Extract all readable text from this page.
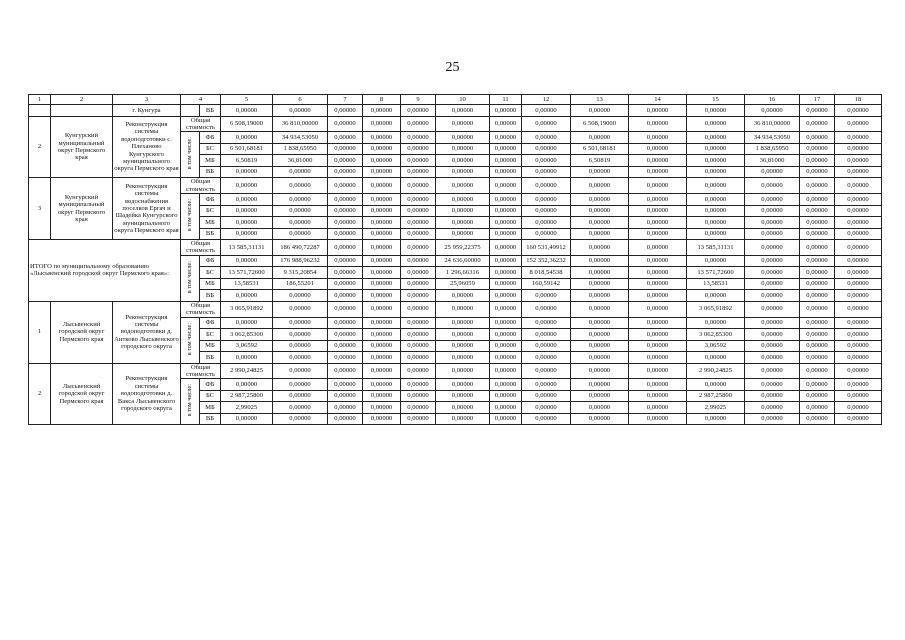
25
1	2	3	4		5	6	7	8	9	10	11	12	13	14	15	16	17	18
		г. Кунгура		ВБ	0,00000	0,00000	0,00000	0,00000	0,00000	0,00000	0,00000	0,00000	0,00000	0,00000	0,00000	0,00000	0,00000	0,00000
2	Кунгурский муниципальный округ Пермского края	Реконструкция системы водоподготовки с. Плеханово Кунгурского муниципального округа Пермского края	Общая стоимость		6 508,19000	36 810,00000	0,00000	0,00000	0,00000	0,00000	0,00000	0,00000	6 508,19000	0,00000	0,00000	36 810,00000	0,00000	0,00000
			в том числе:	ФБ	0,00000	34 934,53050	0,00000	0,00000	0,00000	0,00000	0,00000	0,00000	0,00000	0,00000	0,00000	34 934,53050	0,00000	0,00000
				БС	6 501,68181	1 838,65950	0,00000	0,00000	0,00000	0,00000	0,00000	0,00000	6 501,68181	0,00000	0,00000	1 838,65950	0,00000	0,00000
				МБ	6,50819	36,81000	0,00000	0,00000	0,00000	0,00000	0,00000	0,00000	6,50819	0,00000	0,00000	36,81000	0,00000	0,00000
				ВБ	0,00000	0,00000	0,00000	0,00000	0,00000	0,00000	0,00000	0,00000	0,00000	0,00000	0,00000	0,00000	0,00000	0,00000
3	Кунгурский муниципальный округ Пермского края	Реконструкция системы водоснабжения поселков Ергач и Шадейка Кунгурского муниципального округа Пермского края	Общая стоимость		0,00000	0,00000	0,00000	0,00000	0,00000	0,00000	0,00000	0,00000	0,00000	0,00000	0,00000	0,00000	0,00000	0,00000
			в том числе:	ФБ	0,00000	0,00000	0,00000	0,00000	0,00000	0,00000	0,00000	0,00000	0,00000	0,00000	0,00000	0,00000	0,00000	0,00000
				БС	0,00000	0,00000	0,00000	0,00000	0,00000	0,00000	0,00000	0,00000	0,00000	0,00000	0,00000	0,00000	0,00000	0,00000
				МБ	0,00000	0,00000	0,00000	0,00000	0,00000	0,00000	0,00000	0,00000	0,00000	0,00000	0,00000	0,00000	0,00000	0,00000
				ВБ	0,00000	0,00000	0,00000	0,00000	0,00000	0,00000	0,00000	0,00000	0,00000	0,00000	0,00000	0,00000	0,00000	0,00000
ИТОГО по муниципальному образованию «Лысьвенский городской округ Пермского края»:			Общая стоимость		13 585,31131	186 490,72287	0,00000	0,00000	0,00000	25 959,22375	0,00000	160 531,49912	0,00000	0,00000	13 585,31131	0,00000	0,00000	0,00000
			в том числе:	ФБ	0,00000	176 988,96232	0,00000	0,00000	0,00000	24 636,60000	0,00000	152 352,36232	0,00000	0,00000	0,00000	0,00000	0,00000	0,00000
				БС	13 571,72600	9 315,20854	0,00000	0,00000	0,00000	1 296,66316	0,00000	8 018,54538	0,00000	0,00000	13 571,72600	0,00000	0,00000	0,00000
				МБ	13,58531	186,55201	0,00000	0,00000	0,00000	25,96059	0,00000	160,59142	0,00000	0,00000	13,58531	0,00000	0,00000	0,00000
				ВБ	0,00000	0,00000	0,00000	0,00000	0,00000	0,00000	0,00000	0,00000	0,00000	0,00000	0,00000	0,00000	0,00000	0,00000
1	Лысьвенский городской округ Пермского края	Реконструкция системы водоподготовки д. Аитково Лысьвенского городского округа	Общая стоимость		3 065,91892	0,00000	0,00000	0,00000	0,00000	0,00000	0,00000	0,00000	0,00000	0,00000	3 065,91892	0,00000	0,00000	0,00000
			в том числе:	ФБ	0,00000	0,00000	0,00000	0,00000	0,00000	0,00000	0,00000	0,00000	0,00000	0,00000	0,00000	0,00000	0,00000	0,00000
				БС	3 062,85300	0,00000	0,00000	0,00000	0,00000	0,00000	0,00000	0,00000	0,00000	0,00000	3 062,85300	0,00000	0,00000	0,00000
				МБ	3,06592	0,00000	0,00000	0,00000	0,00000	0,00000	0,00000	0,00000	0,00000	0,00000	3,06592	0,00000	0,00000	0,00000
				ВБ	0,00000	0,00000	0,00000	0,00000	0,00000	0,00000	0,00000	0,00000	0,00000	0,00000	0,00000	0,00000	0,00000	0,00000
2	Лысьвенский городской округ Пермского края	Реконструкция системы водоподготовки д. Вакса Лысьвенского городского округа	Общая стоимость		2 990,24825	0,00000	0,00000	0,00000	0,00000	0,00000	0,00000	0,00000	0,00000	0,00000	2 990,24825	0,00000	0,00000	0,00000
			в том числе:	ФБ	0,00000	0,00000	0,00000	0,00000	0,00000	0,00000	0,00000	0,00000	0,00000	0,00000	0,00000	0,00000	0,00000	0,00000
				БС	2 987,25800	0,00000	0,00000	0,00000	0,00000	0,00000	0,00000	0,00000	0,00000	0,00000	2 987,25800	0,00000	0,00000	0,00000
				МБ	2,99025	0,00000	0,00000	0,00000	0,00000	0,00000	0,00000	0,00000	0,00000	0,00000	2,99025	0,00000	0,00000	0,00000
				ВБ	0,00000	0,00000	0,00000	0,00000	0,00000	0,00000	0,00000	0,00000	0,00000	0,00000	0,00000	0,00000	0,00000	0,00000
